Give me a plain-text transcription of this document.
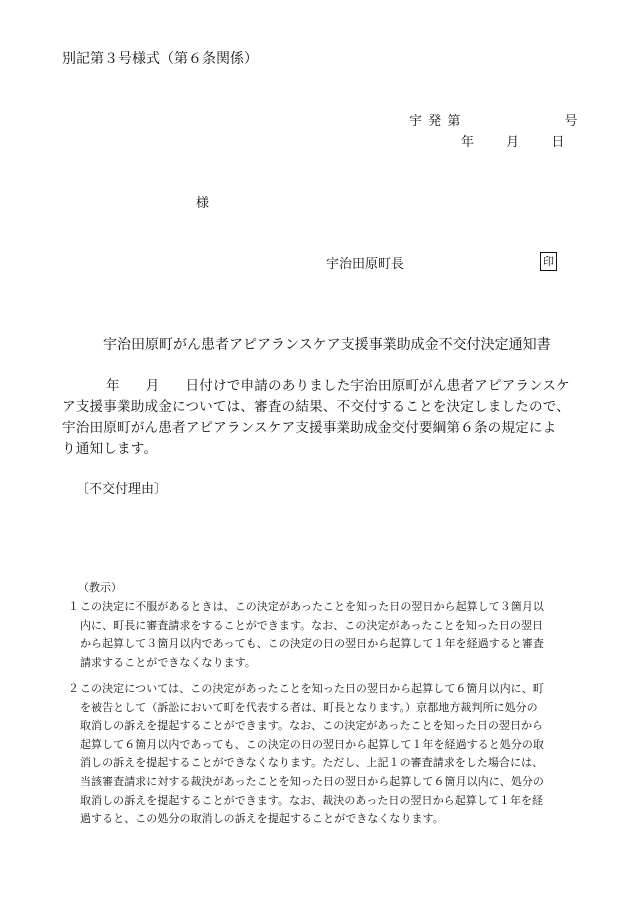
別記第３号様式（第６条関係）
宇 発 第	号
年 月 日
様
宇治田原町長	印
宇治田原町がん患者アピアランスケア支援事業助成金不交付決定通知書
年 月 日付けで申請のありました宇治田原町がん患者アピアランスケア支援事業助成金については、審査の結果、不交付することを決定しましたので、宇治田原町がん患者アピアランスケア支援事業助成金交付要綱第６条の規定により通知します。
〔不交付理由〕
（教示）
１ この決定に不服があるときは、この決定があったことを知った日の翌日から起算して３箇月以内に、町長に審査請求をすることができます。なお、この決定があったことを知った日の翌日から起算して３箇月以内であっても、この決定の日の翌日から起算して１年を経過すると審査請求することができなくなります。
２ この決定については、この決定があったことを知った日の翌日から起算して６箇月以内に、町を被告として（訴訟において町を代表する者は、町長となります。）京都地方裁判所に処分の取消しの訴えを提起することができます。なお、この決定があったことを知った日の翌日から起算して６箇月以内であっても、この決定の日の翌日から起算して１年を経過すると処分の取消しの訴えを提起することができなくなります。ただし、上記１の審査請求をした場合には、当該審査請求に対する裁決があったことを知った日の翌日から起算して６箇月以内に、処分の取消しの訴えを提起することができます。なお、裁決のあった日の翌日から起算して１年を経過すると、この処分の取消しの訴えを提起することができなくなります。
